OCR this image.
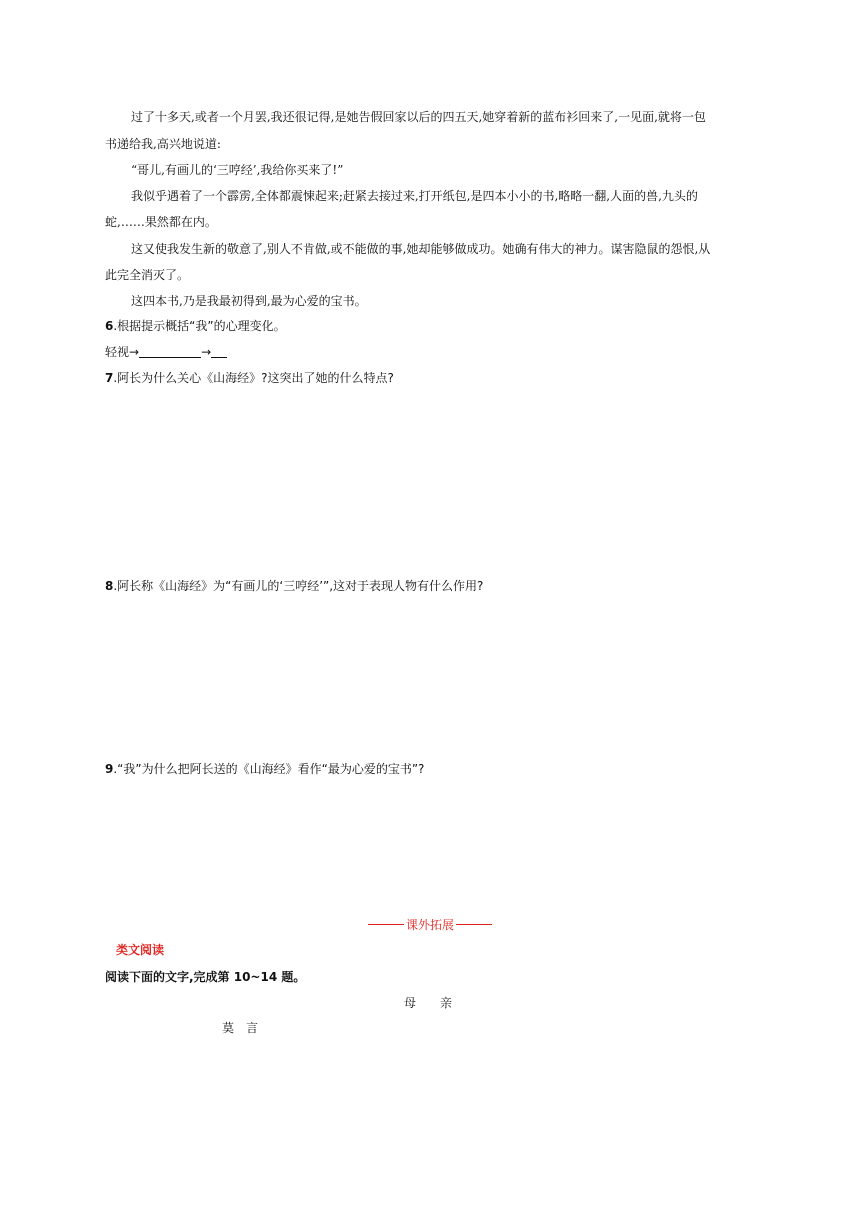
过了十多天,或者一个月罢,我还很记得,是她告假回家以后的四五天,她穿着新的蓝布衫回来了,一见面,就将一包
书递给我,高兴地说道:
“哥儿,有画儿的‘三哼经’,我给你买来了!”
我似乎遇着了一个霹雳,全体都震悚起来;赶紧去接过来,打开纸包,是四本小小的书,略略一翻,人面的兽,九头的
蛇,……果然都在内。
这又使我发生新的敬意了,别人不肯做,或不能做的事,她却能够做成功。她确有伟大的神力。谋害隐鼠的怨恨,从
此完全消灭了。
这四本书,乃是我最初得到,最为心爱的宝书。
6.根据提示概括“我”的心理变化。
轻视→	→
7.阿长为什么关心《山海经》?这突出了她的什么特点?
8.阿长称《山海经》为“有画儿的‘三哼经’”,这对于表现人物有什么作用?
9.“我”为什么把阿长送的《山海经》看作“最为心爱的宝书”?
课外拓展
类文阅读
阅读下面的文字,完成第 10~14 题。
母　　亲
莫　言
